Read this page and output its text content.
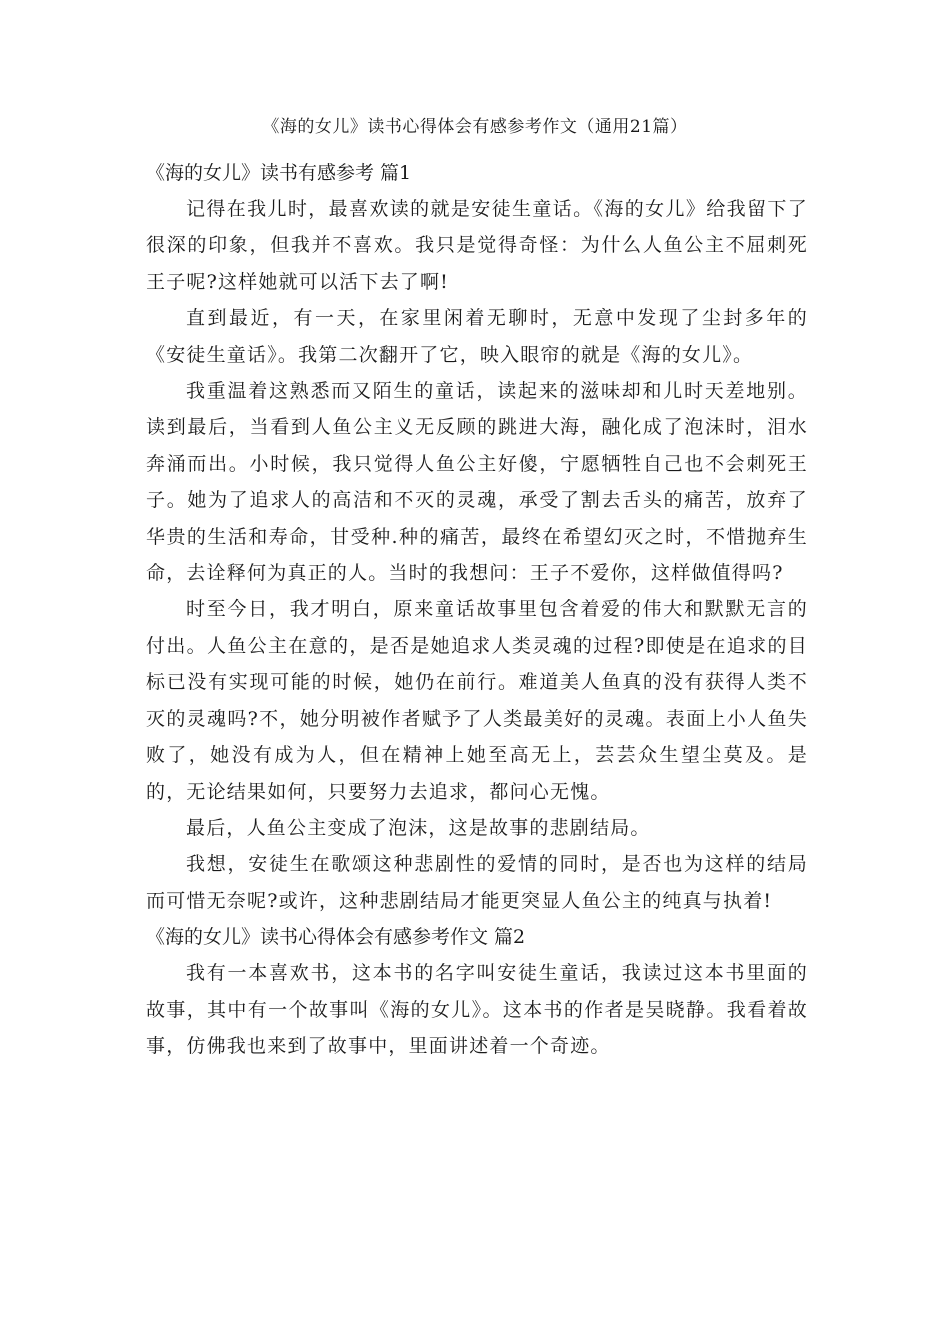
《海的女儿》读书心得体会有感参考作文（通用21篇）
《海的女儿》读书有感参考 篇1

记得在我儿时，最喜欢读的就是安徒生童话。《海的女儿》给我留下了很深的印象，但我并不喜欢。我只是觉得奇怪：为什么人鱼公主不屈刺死王子呢?这样她就可以活下去了啊!

直到最近，有一天，在家里闲着无聊时，无意中发现了尘封多年的《安徒生童话》。我第二次翻开了它，映入眼帘的就是《海的女儿》。

我重温着这熟悉而又陌生的童话，读起来的滋味却和儿时天差地别。读到最后，当看到人鱼公主义无反顾的跳进大海，融化成了泡沫时，泪水奔涌而出。小时候，我只觉得人鱼公主好傻，宁愿牺牲自己也不会刺死王子。她为了追求人的高洁和不灭的灵魂，承受了割去舌头的痛苦，放弃了华贵的生活和寿命，甘受种.种的痛苦，最终在希望幻灭之时，不惜抛弃生命，去诠释何为真正的人。当时的我想问：王子不爱你，这样做值得吗?

时至今日，我才明白，原来童话故事里包含着爱的伟大和默默无言的付出。人鱼公主在意的，是否是她追求人类灵魂的过程?即使是在追求的目标已没有实现可能的时候，她仍在前行。难道美人鱼真的没有获得人类不灭的灵魂吗?不，她分明被作者赋予了人类最美好的灵魂。表面上小人鱼失败了，她没有成为人，但在精神上她至高无上，芸芸众生望尘莫及。是的，无论结果如何，只要努力去追求，都问心无愧。

最后，人鱼公主变成了泡沫，这是故事的悲剧结局。

我想，安徒生在歌颂这种悲剧性的爱情的同时，是否也为这样的结局而可惜无奈呢?或许，这种悲剧结局才能更突显人鱼公主的纯真与执着!

《海的女儿》读书心得体会有感参考作文 篇2

我有一本喜欢书，这本书的名字叫安徒生童话，我读过这本书里面的故事，其中有一个故事叫《海的女儿》。这本书的作者是吴晓静。我看着故事，仿佛我也来到了故事中，里面讲述着一个奇迹。
